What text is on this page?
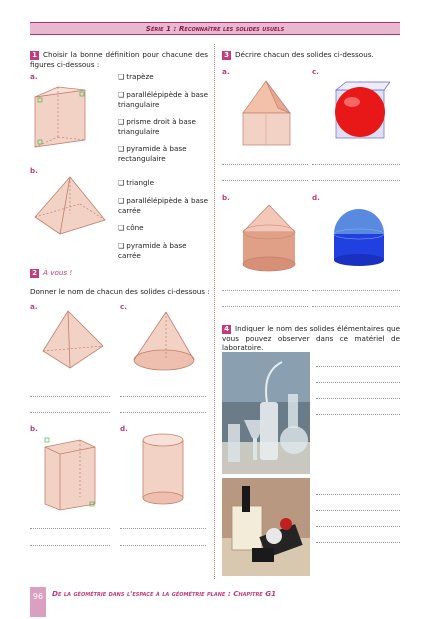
Série 1 : Reconnaître les solides usuels
1 Choisir la bonne définition pour chacune des figures ci-dessous :
a.	❑ trapèze
❑ parallélépipède à base triangulaire
❑ prisme droit à base triangulaire
❑ pyramide à base rectangulaire
b.
❑ triangle
❑ parallélépipède à base carrée
❑ cône
❑ pyramide à base carrée
2 À vous !
Donner le nom de chacun des solides ci-dessous :
a.	c.
b.	d.
3 Décrire chacun des solides ci-dessous.
a.	c.
b.	d.
4 Indiquer le nom des solides élémentaires que vous pouvez observer dans ce matériel de laboratoire.
96	De la géométrie dans l'espace à la géométrie plane : Chapitre G1
